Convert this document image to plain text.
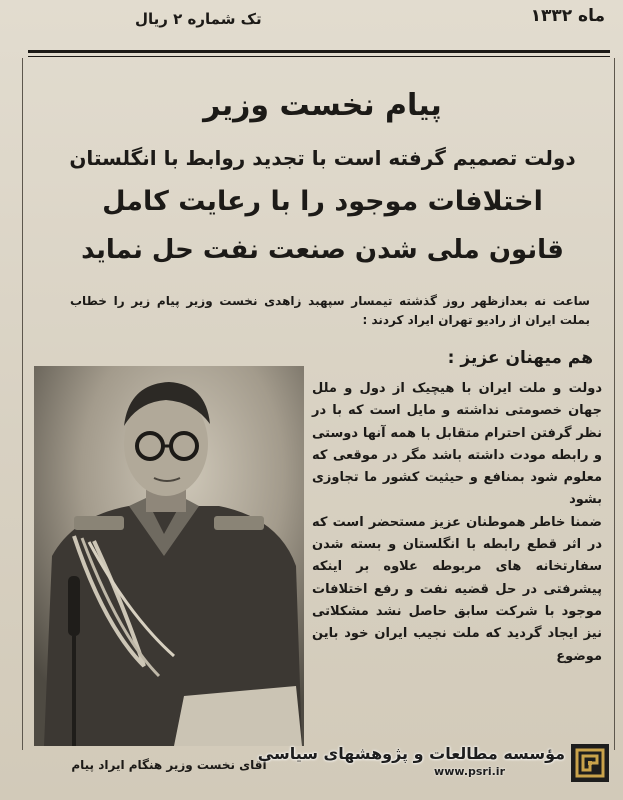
ماه ۱۳۳۲
تک شماره ۲ ریال
پیام نخست وزیر
دولت تصمیم گرفته است با تجدید روابط با انگلستان
اختلافات موجود را با رعایت کامل
قانون ملی شدن صنعت نفت حل نماید
ساعت نه بعدازظهر روز گذشته تیمسار سپهبد زاهدی نخست وزیر پیام زیر را خطاب بملت ایران از رادیو تهران ایراد کردند :
هم میهنان عزیز :
آقای نخست وزیر هنگام ایراد پیام

دولت و ملت ایران با هیچیک از دول و ملل جهان خصومتی نداشته و مایل است که با در نظر گرفتن احترام متقابل با همه آنها دوستی و رابطه مودت داشته باشد مگر در موقعی که معلوم شود بمنافع و حیثیت کشور ما تجاوزی بشود

ضمنا خاطر هموطنان عزیز مستحضر است که در اثر قطع رابطه با انگلستان و بسته شدن سفارتخانه های مربوطه علاوه بر اینکه پیشرفتی در حل قضیه نفت و رفع اختلافات موجود با شرکت سابق حاصل نشد مشکلاتی نیز ایجاد گردید که ملت نجیب ایران خود باین موضوع

مؤسسه مطالعات و پژوهشهای سیاسی
www.psri.ir
